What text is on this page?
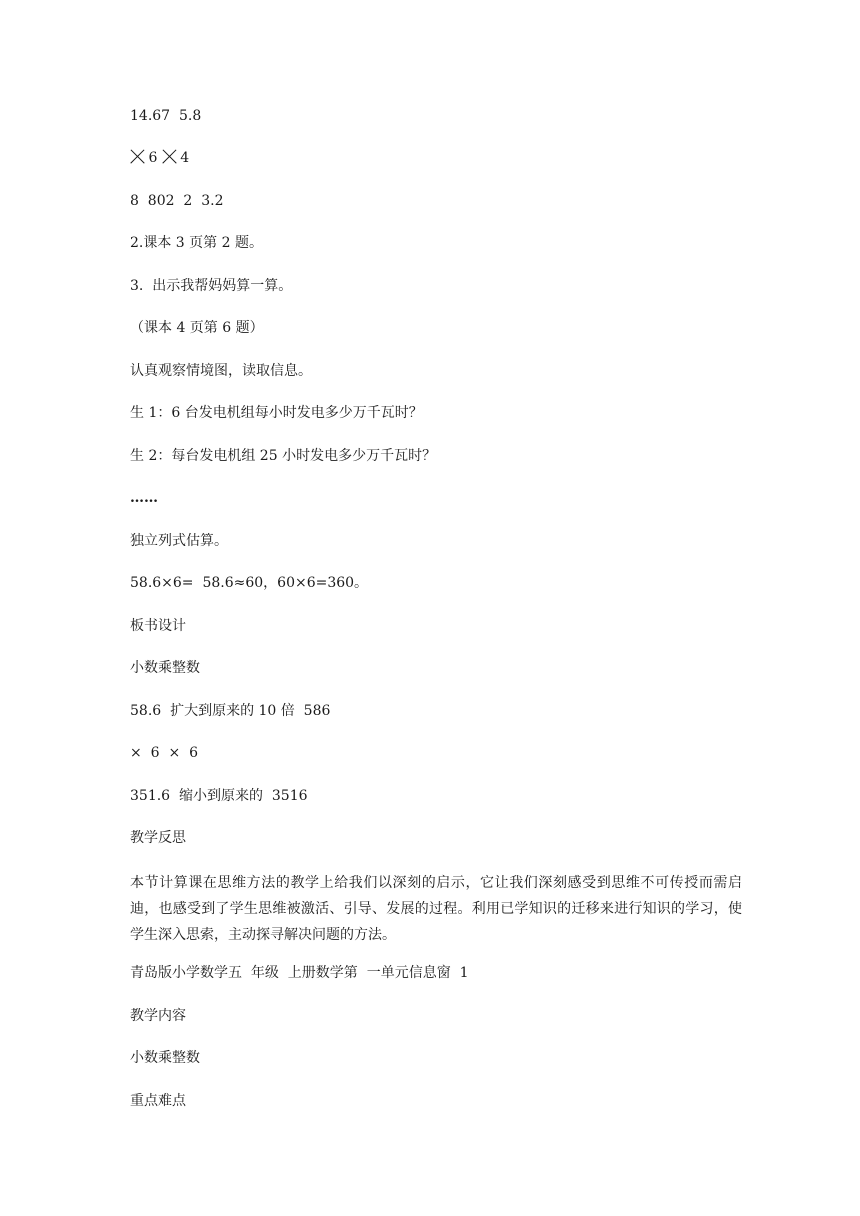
14.67  5.8

6 4

8  802  2  3.2

2.课本 3 页第 2 题。

3.  出示我帮妈妈算一算。

（课本 4 页第 6 题）

认真观察情境图，读取信息。

生 1：6 台发电机组每小时发电多少万千瓦时？

生 2：每台发电机组 25 小时发电多少万千瓦时？

……

独立列式估算。

58.6×6=  58.6≈60，60×6=360。

板书设计

小数乘整数

58.6  扩大到原来的 10 倍  586

×  6  ×  6

351.6  缩小到原来的  3516

教学反思

本节计算课在思维方法的教学上给我们以深刻的启示，它让我们深刻感受到思维不可传授而需启迪，也感受到了学生思维被激活、引导、发展的过程。利用已学知识的迁移来进行知识的学习，使学生深入思索，主动探寻解决问题的方法。

青岛版小学数学五  年级  上册数学第  一单元信息窗  1

教学内容

小数乘整数

重点难点
